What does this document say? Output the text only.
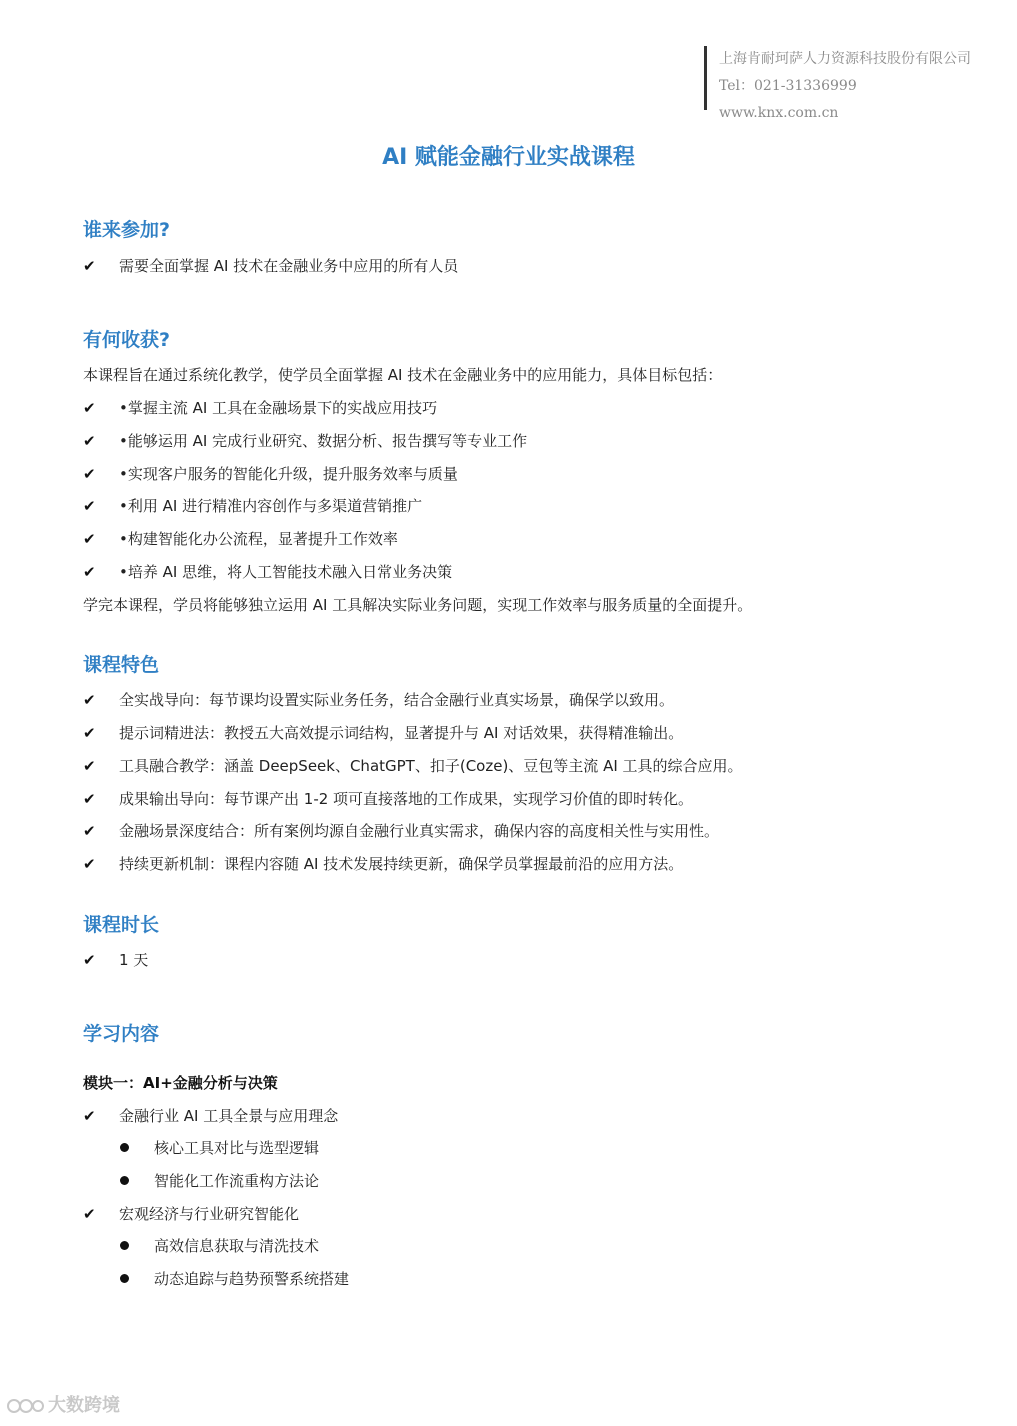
上海肯耐珂萨人力资源科技股份有限公司
Tel：021-31336999
www.knx.com.cn
AI 赋能金融行业实战课程
谁来参加?
✔ 需要全面掌握 AI 技术在金融业务中应用的所有人员
有何收获?
本课程旨在通过系统化教学，使学员全面掌握 AI 技术在金融业务中的应用能力，具体目标包括：
✔ •掌握主流 AI 工具在金融场景下的实战应用技巧
✔ •能够运用 AI 完成行业研究、数据分析、报告撰写等专业工作
✔ •实现客户服务的智能化升级，提升服务效率与质量
✔ •利用 AI 进行精准内容创作与多渠道营销推广
✔ •构建智能化办公流程，显著提升工作效率
✔ •培养 AI 思维，将人工智能技术融入日常业务决策
学完本课程，学员将能够独立运用 AI 工具解决实际业务问题，实现工作效率与服务质量的全面提升。
课程特色
✔ 全实战导向：每节课均设置实际业务任务，结合金融行业真实场景，确保学以致用。
✔ 提示词精进法：教授五大高效提示词结构，显著提升与 AI 对话效果，获得精准输出。
✔ 工具融合教学：涵盖 DeepSeek、ChatGPT、扣子(Coze)、豆包等主流 AI 工具的综合应用。
✔ 成果输出导向：每节课产出 1-2 项可直接落地的工作成果，实现学习价值的即时转化。
✔ 金融场景深度结合：所有案例均源自金融行业真实需求，确保内容的高度相关性与实用性。
✔ 持续更新机制：课程内容随 AI 技术发展持续更新，确保学员掌握最前沿的应用方法。
课程时长
✔ 1 天
学习内容
模块一：AI+金融分析与决策
✔ 金融行业 AI 工具全景与应用理念
核心工具对比与选型逻辑
智能化工作流重构方法论
✔ 宏观经济与行业研究智能化
高效信息获取与清洗技术
动态追踪与趋势预警系统搭建
大数跨境
